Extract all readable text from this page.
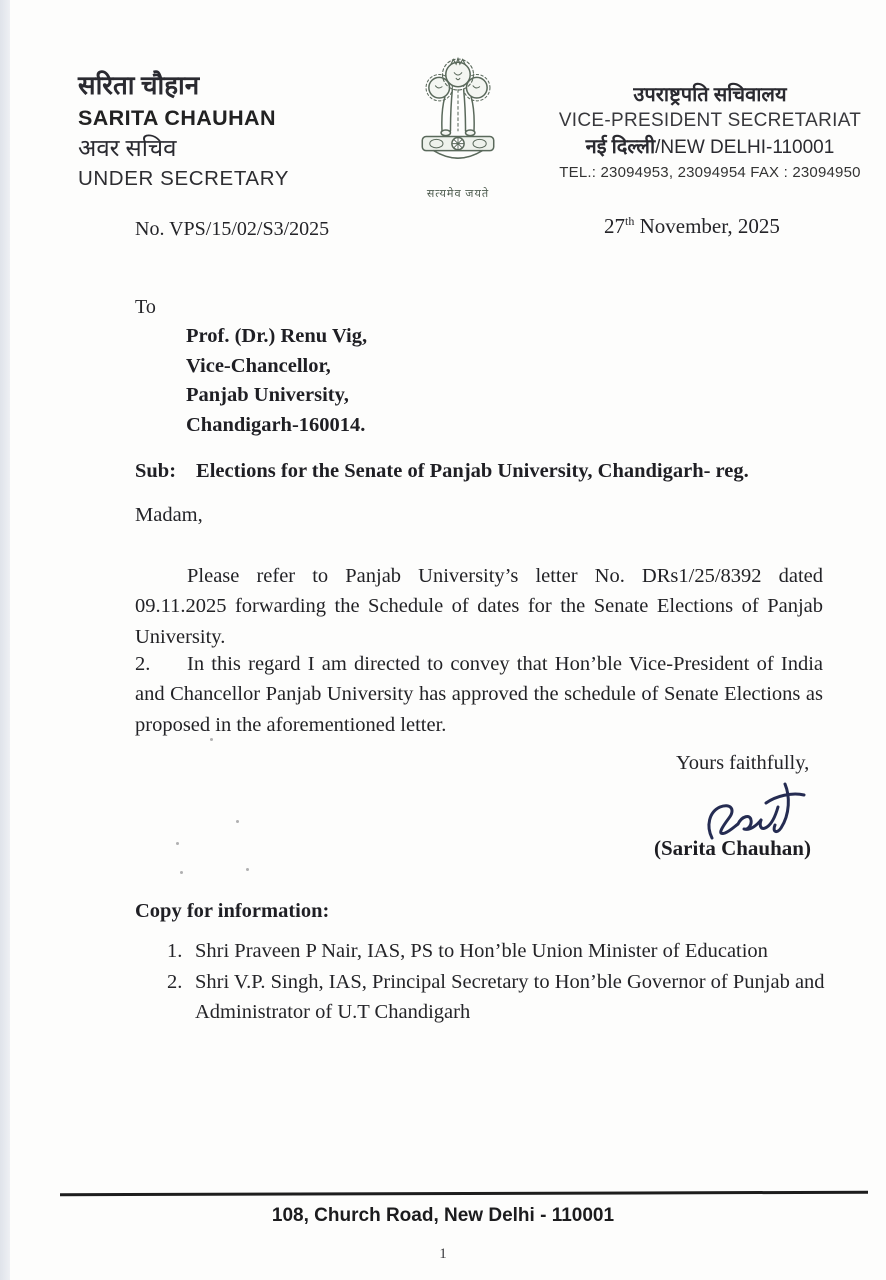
सरिता चौहान
SARITA CHAUHAN
अवर सचिव
UNDER SECRETARY
सत्यमेव जयते
उपराष्ट्रपति सचिवालय
VICE-PRESIDENT SECRETARIAT
नई दिल्ली/NEW DELHI-110001
TEL.: 23094953, 23094954 FAX : 23094950
No. VPS/15/02/S3/2025	27th November, 2025
To
Prof. (Dr.) Renu Vig,
Vice-Chancellor,
Panjab University,
Chandigarh-160014.
Sub: Elections for the Senate of Panjab University, Chandigarh- reg.
Madam,

Please refer to Panjab University’s letter No. DRs1/25/8392 dated 09.11.2025 forwarding the Schedule of dates for the Senate Elections of Panjab University.

2. In this regard I am directed to convey that Hon’ble Vice-President of India and Chancellor Panjab University has approved the schedule of Senate Elections as proposed in the aforementioned letter.

Yours faithfully,
(Sarita Chauhan)
Copy for information:
1. Shri Praveen P Nair, IAS, PS to Hon’ble Union Minister of Education
2. Shri V.P. Singh, IAS, Principal Secretary to Hon’ble Governor of Punjab and Administrator of U.T Chandigarh
108, Church Road, New Delhi - 110001
1
